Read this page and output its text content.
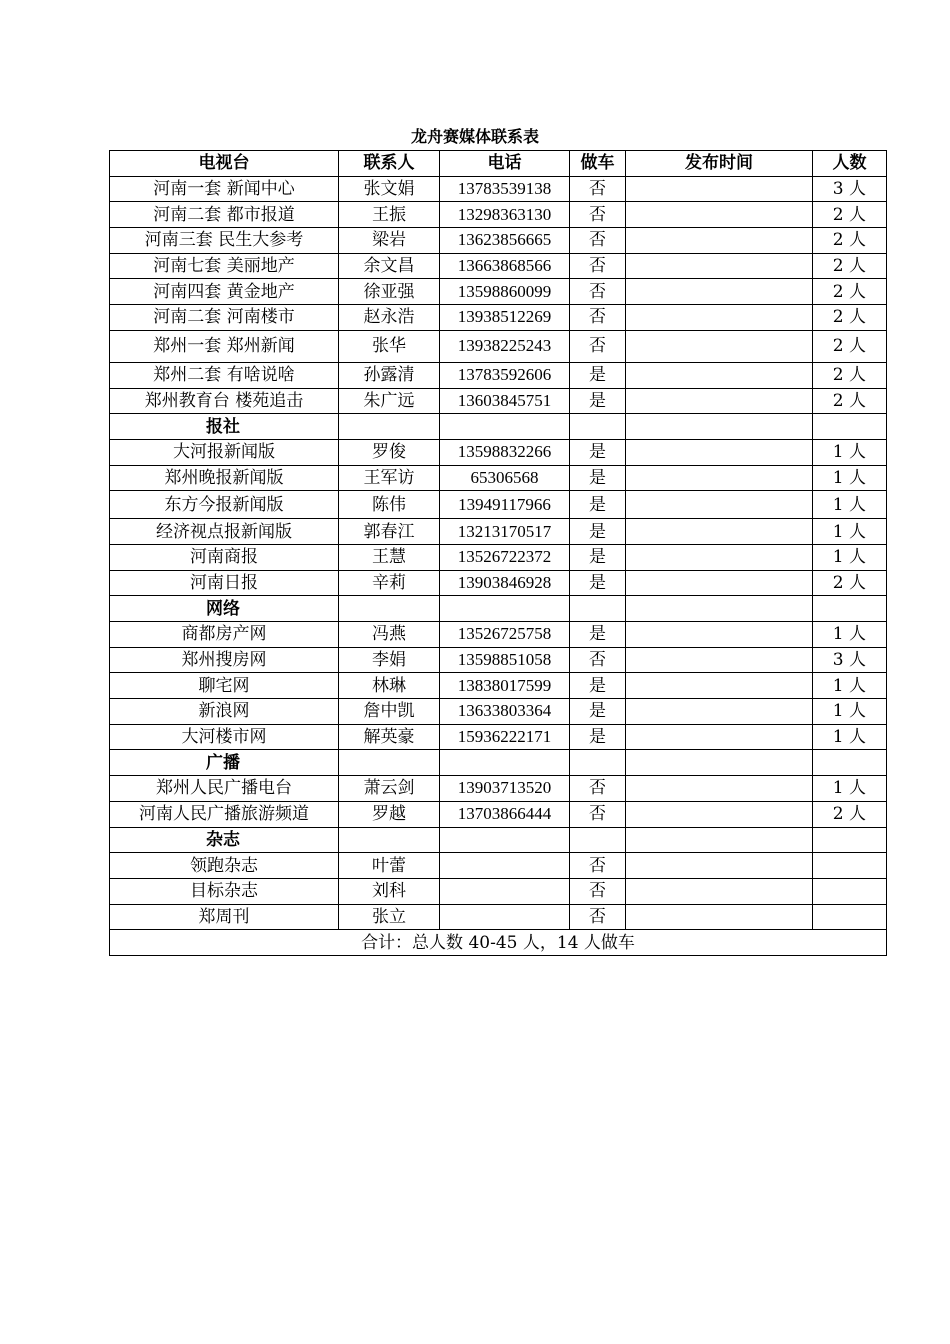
龙舟赛媒体联系表
电视台	联系人	电话	做车	发布时间	人数
河南一套 新闻中心	张文娟	13783539138	否		3 人
河南二套 都市报道	王振	13298363130	否		2 人
河南三套 民生大参考	梁岩	13623856665	否		2 人
河南七套 美丽地产	余文昌	13663868566	否		2 人
河南四套 黄金地产	徐亚强	13598860099	否		2 人
河南二套 河南楼市	赵永浩	13938512269	否		2 人
郑州一套 郑州新闻	张华	13938225243	否		2 人
郑州二套 有啥说啥	孙露清	13783592606	是		2 人
郑州教育台 楼苑追击	朱广远	13603845751	是		2 人
报社					
大河报新闻版	罗俊	13598832266	是		1 人
郑州晚报新闻版	王军访	65306568	是		1 人
东方今报新闻版	陈伟	13949117966	是		1 人
经济视点报新闻版	郭春江	13213170517	是		1 人
河南商报	王慧	13526722372	是		1 人
河南日报	辛莉	13903846928	是		2 人
网络					
商都房产网	冯燕	13526725758	是		1 人
郑州搜房网	李娟	13598851058	否		3 人
聊宅网	林琳	13838017599	是		1 人
新浪网	詹中凯	13633803364	是		1 人
大河楼市网	解英豪	15936222171	是		1 人
广播					
郑州人民广播电台	萧云剑	13903713520	否		1 人
河南人民广播旅游频道	罗越	13703866444	否		2 人
杂志					
领跑杂志	叶蕾		否		
目标杂志	刘科		否		
郑周刊	张立		否		
合计：总人数 40-45 人，14 人做车					
